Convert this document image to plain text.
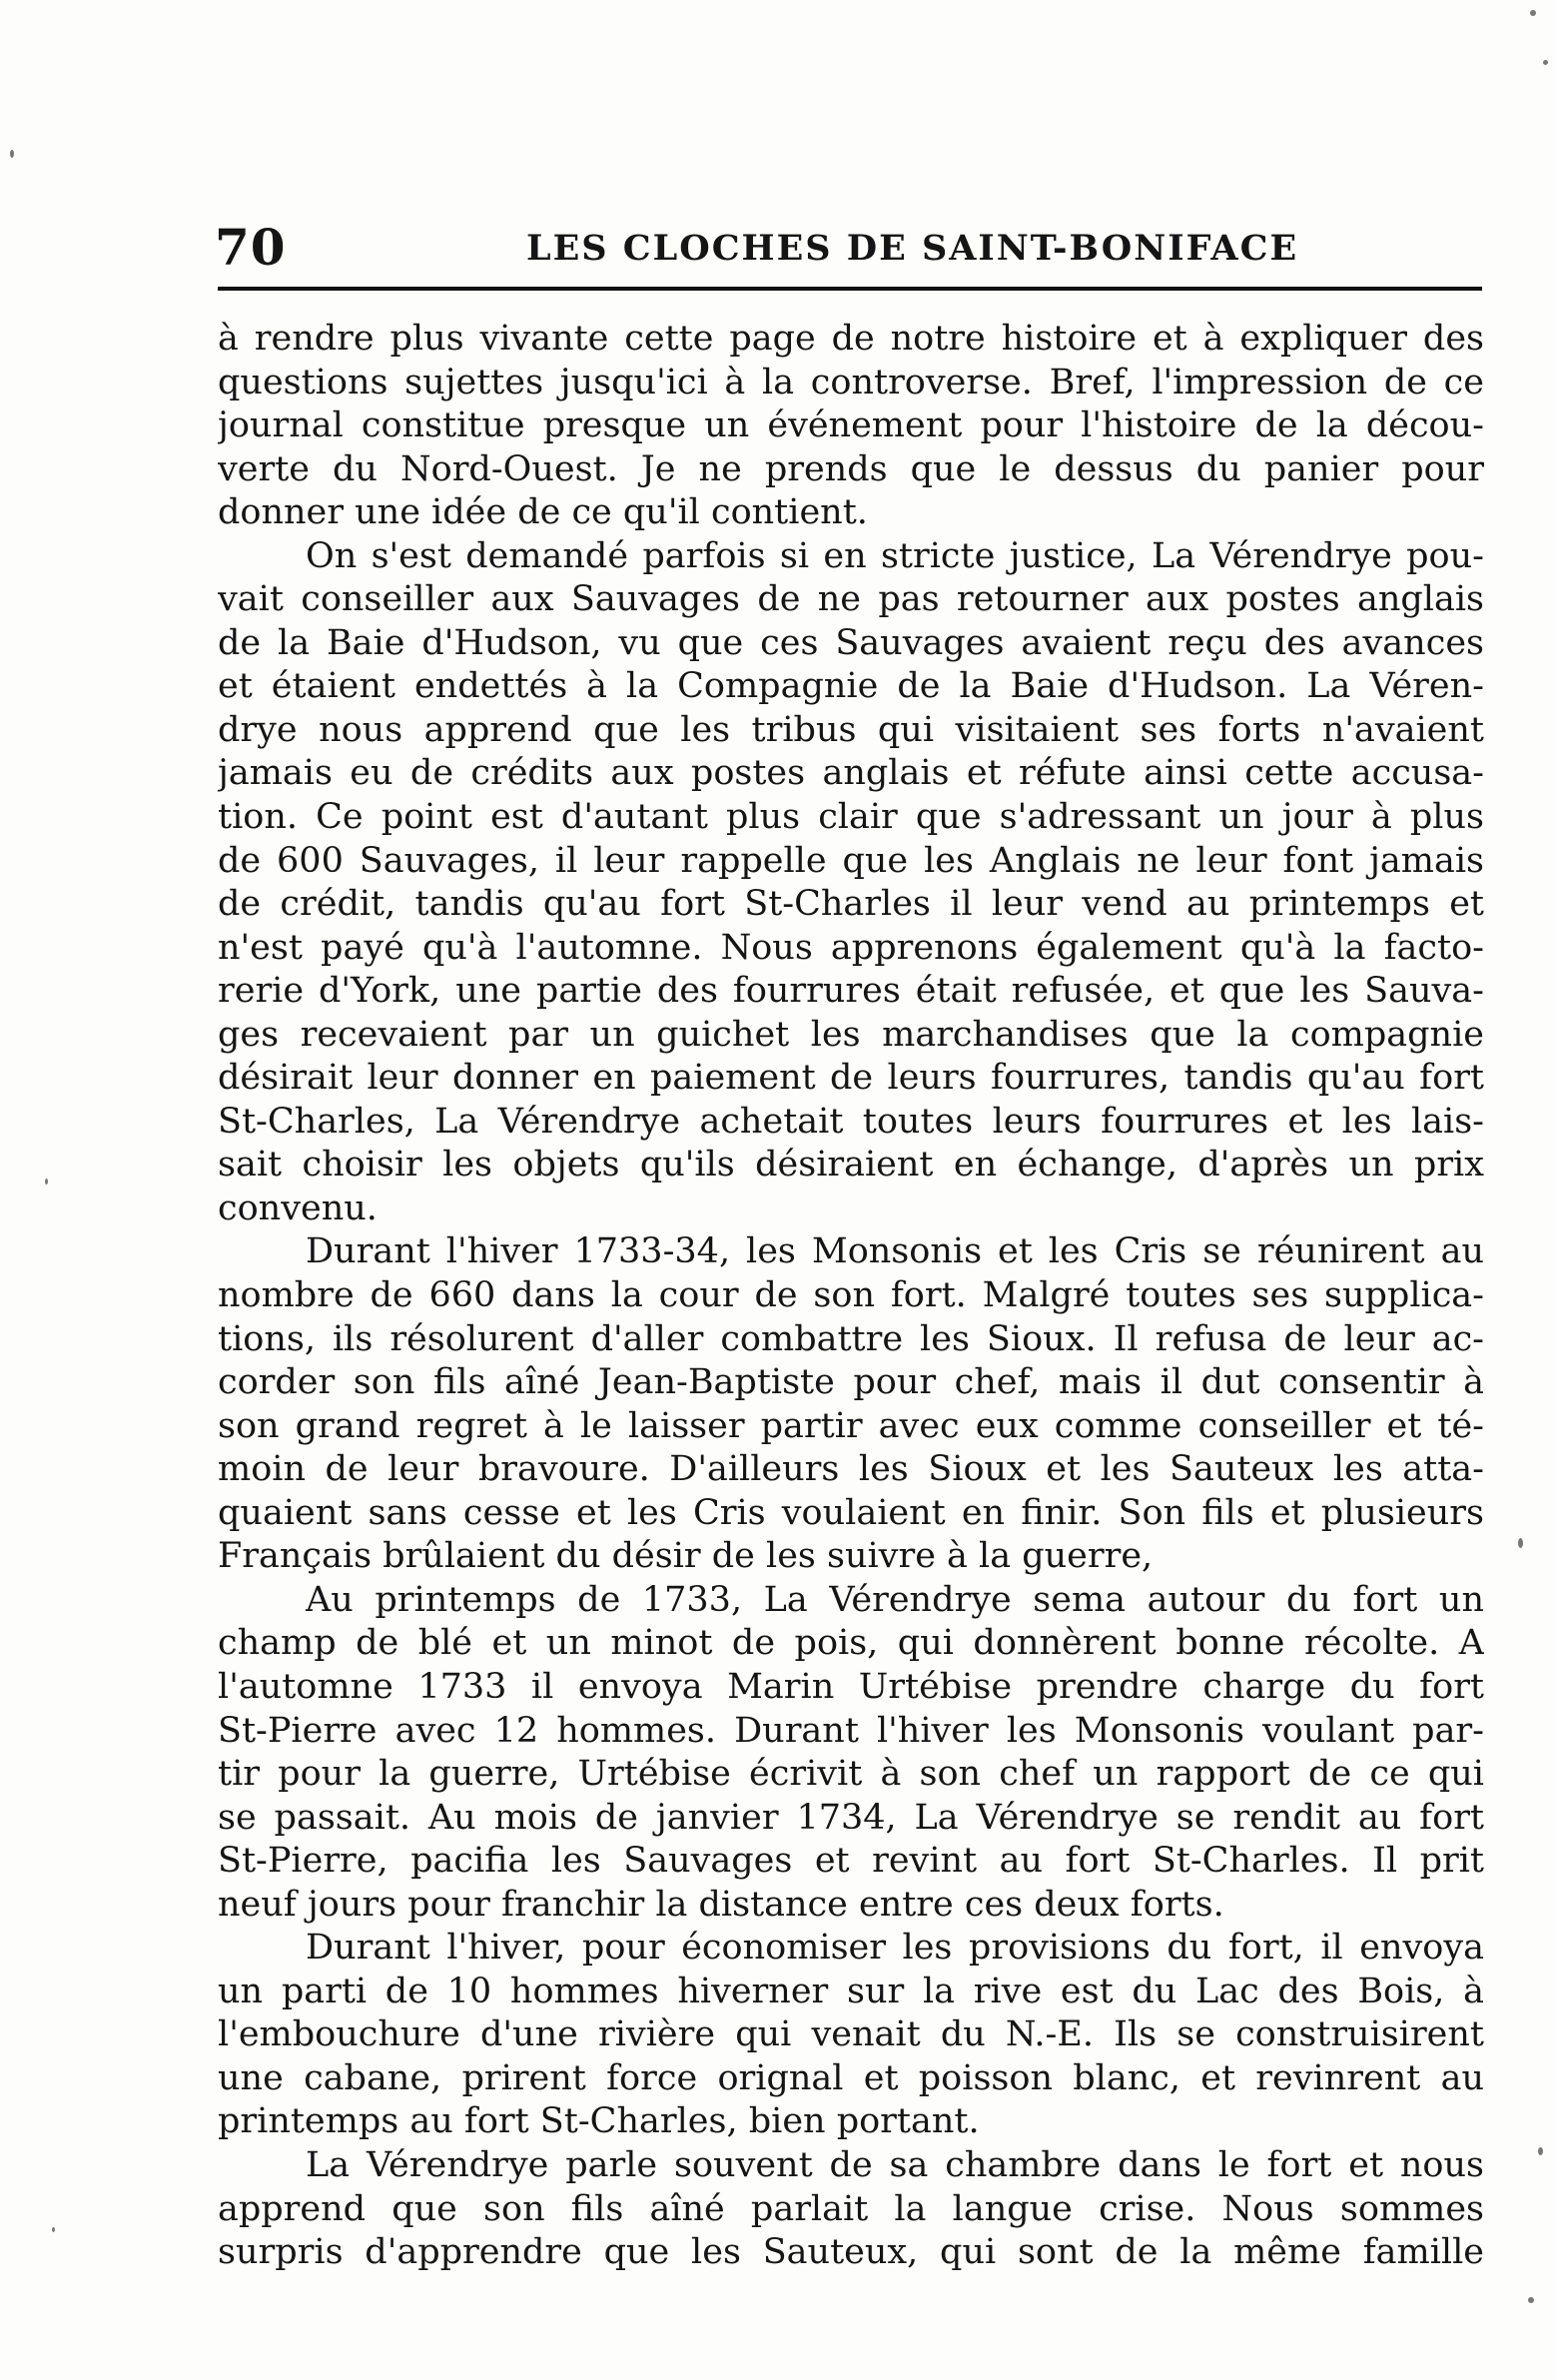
70	LES CLOCHES DE SAINT-BONIFACE
à rendre plus vivante cette page de notre histoire et à expliquer des
questions sujettes jusqu'ici à la controverse. Bref, l'impression de ce
journal constitue presque un événement pour l'histoire de la décou-
verte du Nord-Ouest. Je ne prends que le dessus du panier pour
donner une idée de ce qu'il contient.
On s'est demandé parfois si en stricte justice, La Vérendrye pou-
vait conseiller aux Sauvages de ne pas retourner aux postes anglais
de la Baie d'Hudson, vu que ces Sauvages avaient reçu des avances
et étaient endettés à la Compagnie de la Baie d'Hudson. La Véren-
drye nous apprend que les tribus qui visitaient ses forts n'avaient
jamais eu de crédits aux postes anglais et réfute ainsi cette accusa-
tion. Ce point est d'autant plus clair que s'adressant un jour à plus
de 600 Sauvages, il leur rappelle que les Anglais ne leur font jamais
de crédit, tandis qu'au fort St-Charles il leur vend au printemps et
n'est payé qu'à l'automne. Nous apprenons également qu'à la facto-
rerie d'York, une partie des fourrures était refusée, et que les Sauva-
ges recevaient par un guichet les marchandises que la compagnie
désirait leur donner en paiement de leurs fourrures, tandis qu'au fort
St-Charles, La Vérendrye achetait toutes leurs fourrures et les lais-
sait choisir les objets qu'ils désiraient en échange, d'après un prix
convenu.
Durant l'hiver 1733-34, les Monsonis et les Cris se réunirent au
nombre de 660 dans la cour de son fort. Malgré toutes ses supplica-
tions, ils résolurent d'aller combattre les Sioux. Il refusa de leur ac-
corder son fils aîné Jean-Baptiste pour chef, mais il dut consentir à
son grand regret à le laisser partir avec eux comme conseiller et té-
moin de leur bravoure. D'ailleurs les Sioux et les Sauteux les atta-
quaient sans cesse et les Cris voulaient en finir. Son fils et plusieurs
Français brûlaient du désir de les suivre à la guerre,
Au printemps de 1733, La Vérendrye sema autour du fort un
champ de blé et un minot de pois, qui donnèrent bonne récolte. A
l'automne 1733 il envoya Marin Urtébise prendre charge du fort
St-Pierre avec 12 hommes. Durant l'hiver les Monsonis voulant par-
tir pour la guerre, Urtébise écrivit à son chef un rapport de ce qui
se passait. Au mois de janvier 1734, La Vérendrye se rendit au fort
St-Pierre, pacifia les Sauvages et revint au fort St-Charles. Il prit
neuf jours pour franchir la distance entre ces deux forts.
Durant l'hiver, pour économiser les provisions du fort, il envoya
un parti de 10 hommes hiverner sur la rive est du Lac des Bois, à
l'embouchure d'une rivière qui venait du N.-E. Ils se construisirent
une cabane, prirent force orignal et poisson blanc, et revinrent au
printemps au fort St-Charles, bien portant.
La Vérendrye parle souvent de sa chambre dans le fort et nous
apprend que son fils aîné parlait la langue crise. Nous sommes
surpris d'apprendre que les Sauteux, qui sont de la même famille
